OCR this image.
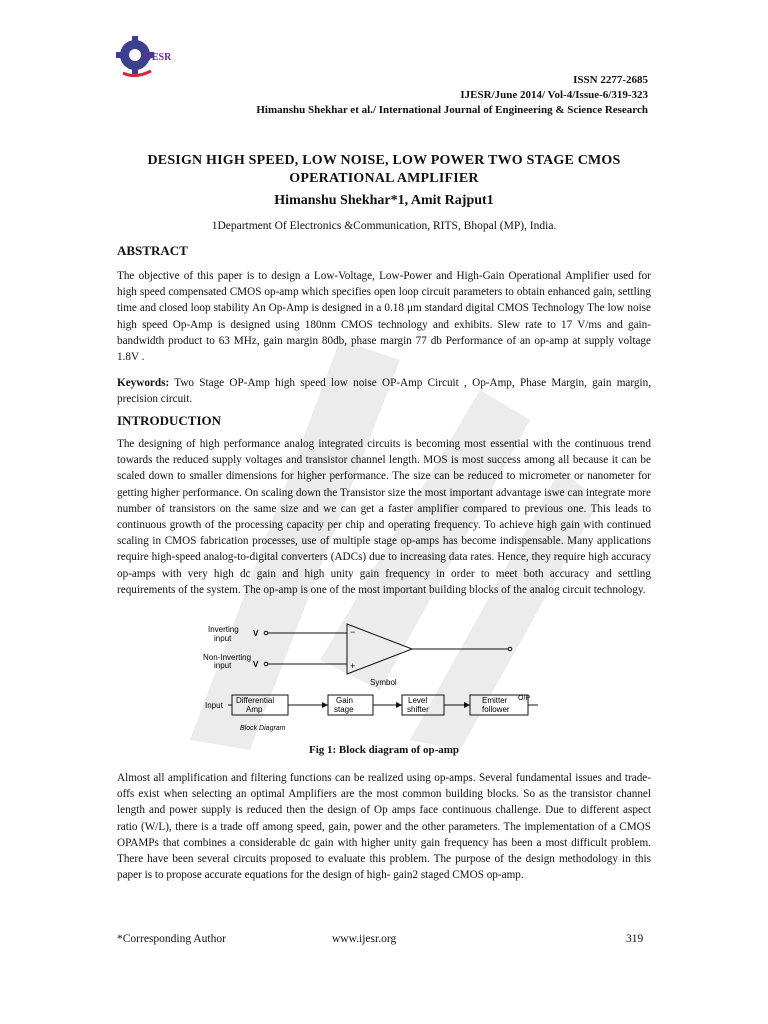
IJESR
ISSN 2277-2685
IJESR/June 2014/ Vol-4/Issue-6/319-323
Himanshu Shekhar et al./ International Journal of Engineering & Science Research
DESIGN HIGH SPEED, LOW NOISE, LOW POWER TWO STAGE CMOS
OPERATIONAL AMPLIFIER
Himanshu Shekhar*1, Amit Rajput1
1Department Of Electronics &Communication, RITS, Bhopal (MP), India.
ABSTRACT
The objective of this paper is to design a Low-Voltage, Low-Power and High-Gain Operational Amplifier used for high speed compensated CMOS op-amp which specifies open loop circuit parameters to obtain enhanced gain, settling time and closed loop stability An Op-Amp is designed in a 0.18 μm standard digital CMOS Technology The low noise high speed Op-Amp is designed using 180nm CMOS technology and exhibits. Slew rate to 17 V/ms and gain-bandwidth product to 63 MHz, gain margin 80db, phase margin 77 db Performance of an op-amp at supply voltage 1.8V .
Keywords: Two Stage OP-Amp high speed low noise OP-Amp Circuit , Op-Amp, Phase Margin, gain margin, precision circuit.
INTRODUCTION
The designing of high performance analog integrated circuits is becoming most essential with the continuous trend towards the reduced supply voltages and transistor channel length. MOS is most success among all because it can be scaled down to smaller dimensions for higher performance. The size can be reduced to micrometer or nanometer for getting higher performance. On scaling down the Transistor size the most important advantage iswe can integrate more number of transistors on the same size and we can get a faster amplifier compared to previous one. This leads to continuous growth of the processing capacity per chip and operating frequency. To achieve high gain with continued scaling in CMOS fabrication processes, use of multiple stage op-amps has become indispensable. Many applications require high-speed analog-to-digital converters (ADCs) due to increasing data rates. Hence, they require high accuracy op-amps with very high dc gain and high unity gain frequency in order to meet both accuracy and settling requirements of the system. The op-amp is one of the most important building blocks of the analog circuit technology.
Inverting
input
V
Non-Inverting
input	V
−
+
Symbol
Input
Differential
Amp
Gain
stage
Level
shifter
Emitter
follower
O/P
Block Diagram
Fig 1: Block diagram of op-amp
Almost all amplification and filtering functions can be realized using op-amps. Several fundamental issues and trade-offs exist when selecting an optimal Amplifiers are the most common building blocks. So as the transistor channel length and power supply is reduced then the design of Op amps face continuous challenge. Due to different aspect ratio (W/L), there is a trade off among speed, gain, power and the other parameters. The implementation of a CMOS OPAMPs that combines a considerable dc gain with higher unity gain frequency has been a most difficult problem. There have been several circuits proposed to evaluate this problem. The purpose of the design methodology in this paper is to propose accurate equations for the design of high- gain2 staged CMOS op-amp.
*Corresponding Author	www.ijesr.org	319
